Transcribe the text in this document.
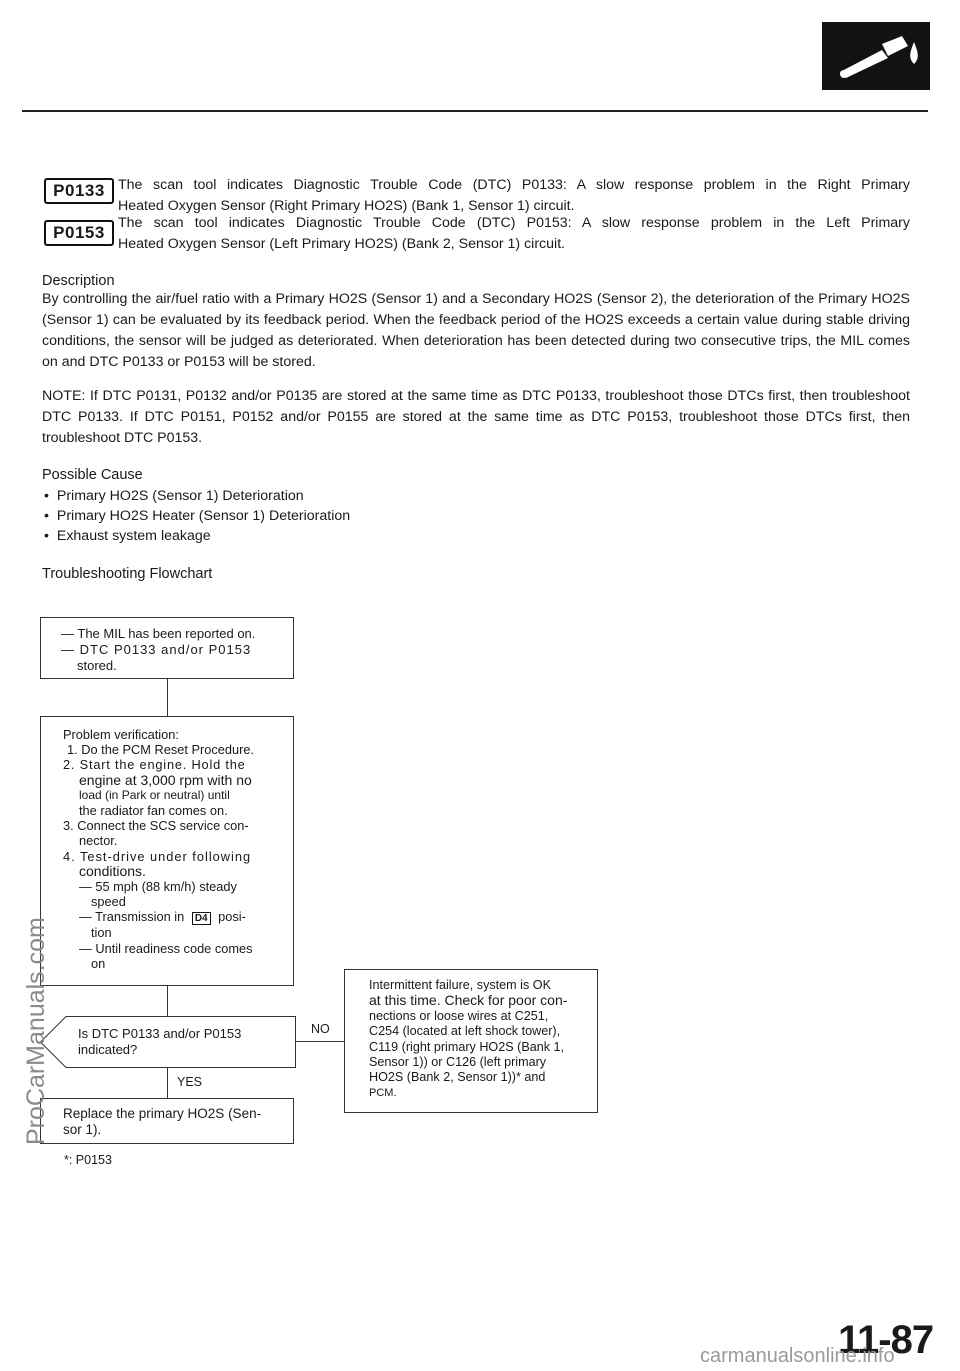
P0133 The scan tool indicates Diagnostic Trouble Code (DTC) P0133: A slow response problem in the Right Primary
Heated Oxygen Sensor (Right Primary HO2S) (Bank 1, Sensor 1) circuit.
P0153 The scan tool indicates Diagnostic Trouble Code (DTC) P0153: A slow response problem in the Left Primary
Heated Oxygen Sensor (Left Primary HO2S) (Bank 2, Sensor 1) circuit.
Description
By controlling the air/fuel ratio with a Primary HO2S (Sensor 1) and a Secondary HO2S (Sensor 2), the deterioration of the Primary HO2S (Sensor 1) can be evaluated by its feedback period. When the feedback period of the HO2S exceeds a certain value during stable driving conditions, the sensor will be judged as deteriorated. When deterioration has been detected during two consecutive trips, the MIL comes on and DTC P0133 or P0153 will be stored.
NOTE: If DTC P0131, P0132 and/or P0135 are stored at the same time as DTC P0133, troubleshoot those DTCs first, then troubleshoot DTC P0133. If DTC P0151, P0152 and/or P0155 are stored at the same time as DTC P0153, troubleshoot those DTCs first, then troubleshoot DTC P0153.
Possible Cause
•  Primary HO2S (Sensor 1) Deterioration
•  Primary HO2S Heater (Sensor 1) Deterioration
•  Exhaust system leakage
Troubleshooting Flowchart
— The MIL has been reported on.
— DTC P0133 and/or P0153
stored.
Problem verification:
1. Do the PCM Reset Procedure.
2. Start the engine. Hold the
engine at 3,000 rpm with no
load (in Park or neutral) until
the radiator fan comes on.
3. Connect the SCS service con-
nector.
4. Test-drive under following
conditions.
— 55 mph (88 km/h) steady
speed
— Transmission in D4 posi-
tion
— Until readiness code comes
on
Is DTC P0133 and/or P0153
indicated?
NO
Intermittent failure, system is OK
at this time. Check for poor con-
nections or loose wires at C251,
C254 (located at left shock tower),
C119 (right primary HO2S (Bank 1,
Sensor 1)) or C126 (left primary
HO2S (Bank 2, Sensor 1))* and
PCM.
YES
Replace the primary HO2S (Sen-
sor 1).
*: P0153
11-87
ProCarManuals.com
carmanualsonline.info
